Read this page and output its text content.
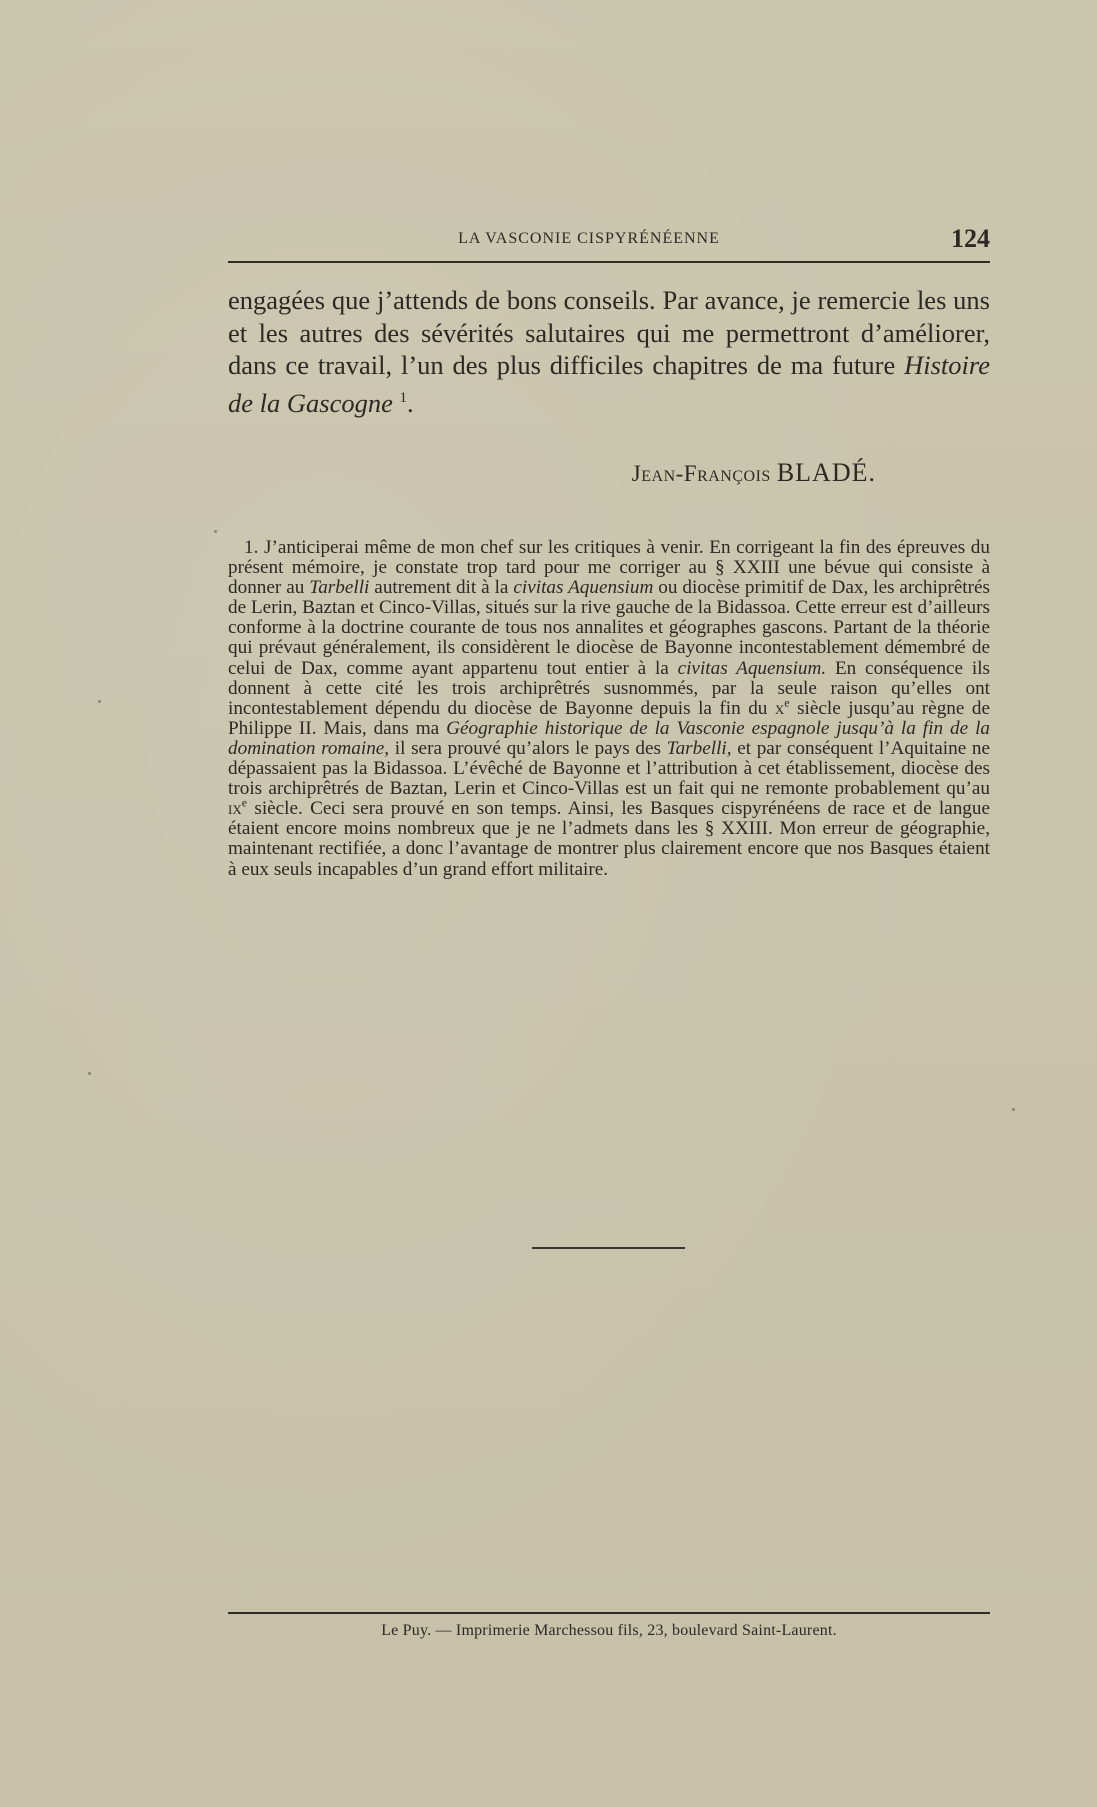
LA VASCONIE CISPYRÉNÉENNE	124

engagées que j’attends de bons conseils. Par avance, je remercie les uns et les autres des sévérités salutaires qui me permettront d’améliorer, dans ce travail, l’un des plus difficiles chapitres de ma future Histoire de la Gascogne $^1$.

Jean-François BLADÉ.

1. J’anticiperai même de mon chef sur les critiques à venir. En corrigeant la fin des épreuves du présent mémoire, je constate trop tard pour me corriger au § XXIII une bévue qui consiste à donner au Tarbelli autrement dit à la civitas Aquensium ou diocèse primitif de Dax, les archiprêtrés de Lerin, Baztan et Cinco-Villas, situés sur la rive gauche de la Bidassoa. Cette erreur est d’ailleurs conforme à la doctrine courante de tous nos annalites et géographes gascons. Partant de la théorie qui prévaut généralement, ils considèrent le diocèse de Bayonne incontestablement démembré de celui de Dax, comme ayant appartenu tout entier à la civitas Aquensium. En conséquence ils donnent à cette cité les trois archiprêtrés susnommés, par la seule raison qu’elles ont incontestablement dépendu du diocèse de Bayonne depuis la fin du $x^e$ siècle jusqu’au règne de Philippe II. Mais, dans ma Géographie historique de la Vasconie espagnole jusqu’à la fin de la domination romaine, il sera prouvé qu’alors le pays des Tarbelli, et par conséquent l’Aquitaine ne dépassaient pas la Bidassoa. L’évêché de Bayonne et l’attribution à cet établissement, diocèse des trois archiprêtrés de Baztan, Lerin et Cinco-Villas est un fait qui ne remonte probablement qu’au $ix^e$ siècle. Ceci sera prouvé en son temps. Ainsi, les Basques cispyrénéens de race et de langue étaient encore moins nombreux que je ne l’admets dans les § XXIII. Mon erreur de géographie, maintenant rectifiée, a donc l’avantage de montrer plus clairement encore que nos Basques étaient à eux seuls incapables d’un grand effort militaire.

Le Puy. — Imprimerie Marchessou fils, 23, boulevard Saint-Laurent.
